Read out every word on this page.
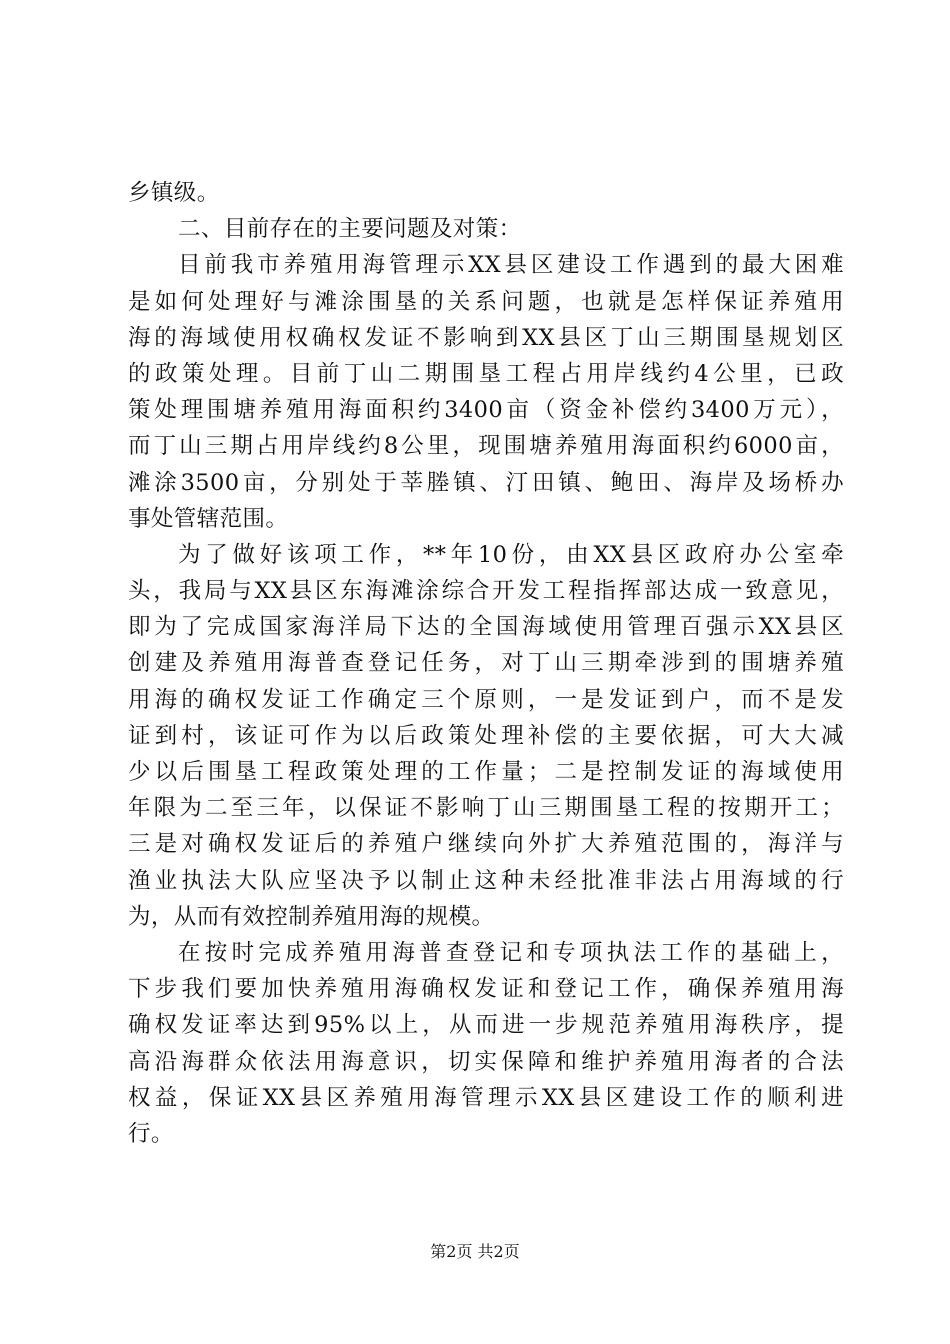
乡镇级。
二、目前存在的主要问题及对策：
目前我市养殖用海管理示XX县区建设工作遇到的最大困难
是如何处理好与滩涂围垦的关系问题，也就是怎样保证养殖用
海的海域使用权确权发证不影响到XX县区丁山三期围垦规划区
的政策处理。目前丁山二期围垦工程占用岸线约4公里，已政
策处理围塘养殖用海面积约3400亩（资金补偿约3400万元），
而丁山三期占用岸线约8公里，现围塘养殖用海面积约6000亩，
滩涂3500亩，分别处于莘塍镇、汀田镇、鲍田、海岸及场桥办
事处管辖范围。
为了做好该项工作，**年10份，由XX县区政府办公室牵
头，我局与XX县区东海滩涂综合开发工程指挥部达成一致意见，
即为了完成国家海洋局下达的全国海域使用管理百强示XX县区
创建及养殖用海普查登记任务，对丁山三期牵涉到的围塘养殖
用海的确权发证工作确定三个原则，一是发证到户，而不是发
证到村，该证可作为以后政策处理补偿的主要依据，可大大减
少以后围垦工程政策处理的工作量；二是控制发证的海域使用
年限为二至三年，以保证不影响丁山三期围垦工程的按期开工；
三是对确权发证后的养殖户继续向外扩大养殖范围的，海洋与
渔业执法大队应坚决予以制止这种未经批准非法占用海域的行
为，从而有效控制养殖用海的规模。
在按时完成养殖用海普查登记和专项执法工作的基础上，
下步我们要加快养殖用海确权发证和登记工作，确保养殖用海
确权发证率达到95%以上，从而进一步规范养殖用海秩序，提
高沿海群众依法用海意识，切实保障和维护养殖用海者的合法
权益，保证XX县区养殖用海管理示XX县区建设工作的顺利进
行。
第2页 共2页
